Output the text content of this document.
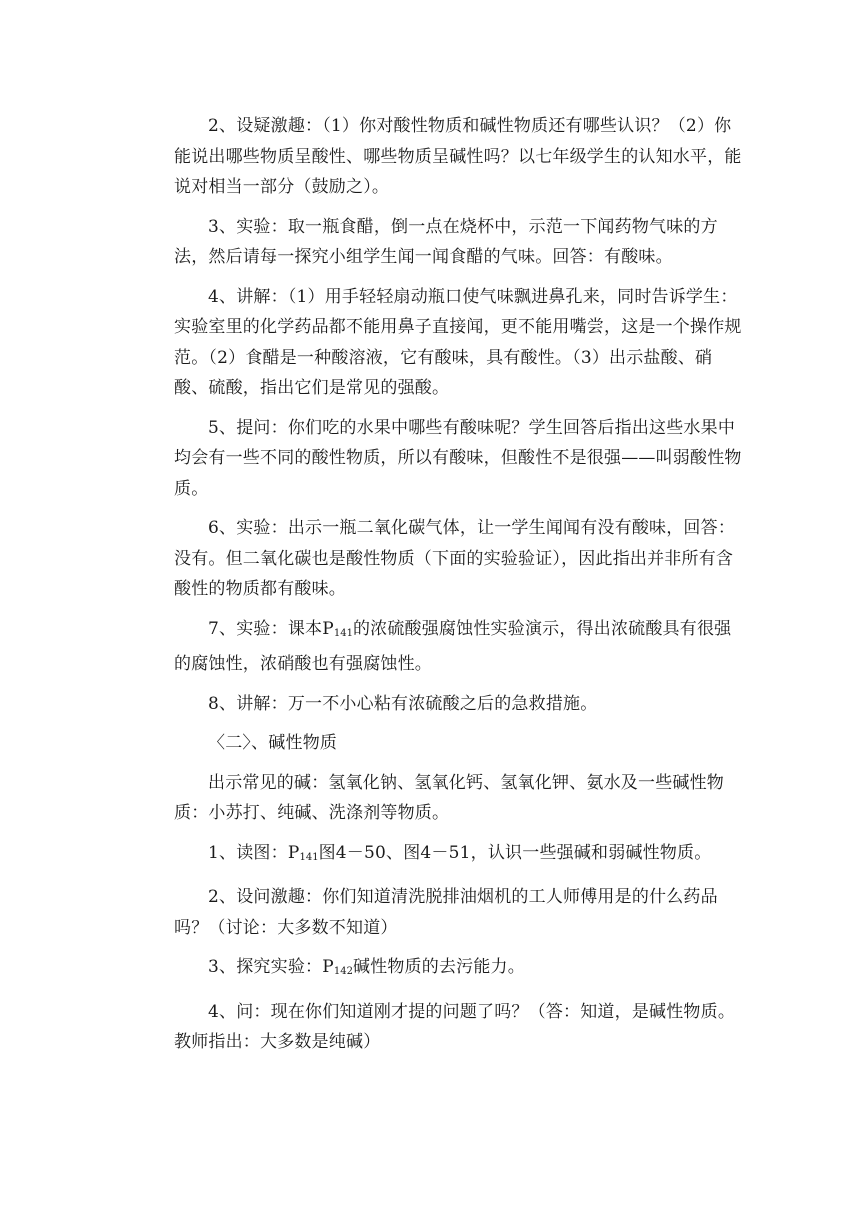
2、设疑激趣：（1）你对酸性物质和碱性物质还有哪些认识？（2）你能说出哪些物质呈酸性、哪些物质呈碱性吗？以七年级学生的认知水平，能说对相当一部分（鼓励之）。

3、实验：取一瓶食醋，倒一点在烧杯中，示范一下闻药物气味的方法，然后请每一探究小组学生闻一闻食醋的气味。回答：有酸味。

4、讲解：（1）用手轻轻扇动瓶口使气味飘进鼻孔来，同时告诉学生：实验室里的化学药品都不能用鼻子直接闻，更不能用嘴尝，这是一个操作规范。（2）食醋是一种酸溶液，它有酸味，具有酸性。（3）出示盐酸、硝酸、硫酸，指出它们是常见的强酸。

5、提问：你们吃的水果中哪些有酸味呢？学生回答后指出这些水果中均会有一些不同的酸性物质，所以有酸味，但酸性不是很强——叫弱酸性物质。

6、实验：出示一瓶二氧化碳气体，让一学生闻闻有没有酸味，回答：没有。但二氧化碳也是酸性物质（下面的实验验证），因此指出并非所有含酸性的物质都有酸味。

7、实验：课本$P_{141}$的浓硫酸强腐蚀性实验演示，得出浓硫酸具有很强的腐蚀性，浓硝酸也有强腐蚀性。

8、讲解：万一不小心粘有浓硫酸之后的急救措施。

〈二〉、碱性物质

出示常见的碱：氢氧化钠、氢氧化钙、氢氧化钾、氨水及一些碱性物质：小苏打、纯碱、洗涤剂等物质。

1、读图：$P_{141}$图4－50、图4－51，认识一些强碱和弱碱性物质。

2、设问激趣：你们知道清洗脱排油烟机的工人师傅用是的什么药品吗？（讨论：大多数不知道）

3、探究实验：$P_{142}$碱性物质的去污能力。

4、问：现在你们知道刚才提的问题了吗？（答：知道，是碱性物质。教师指出：大多数是纯碱）
